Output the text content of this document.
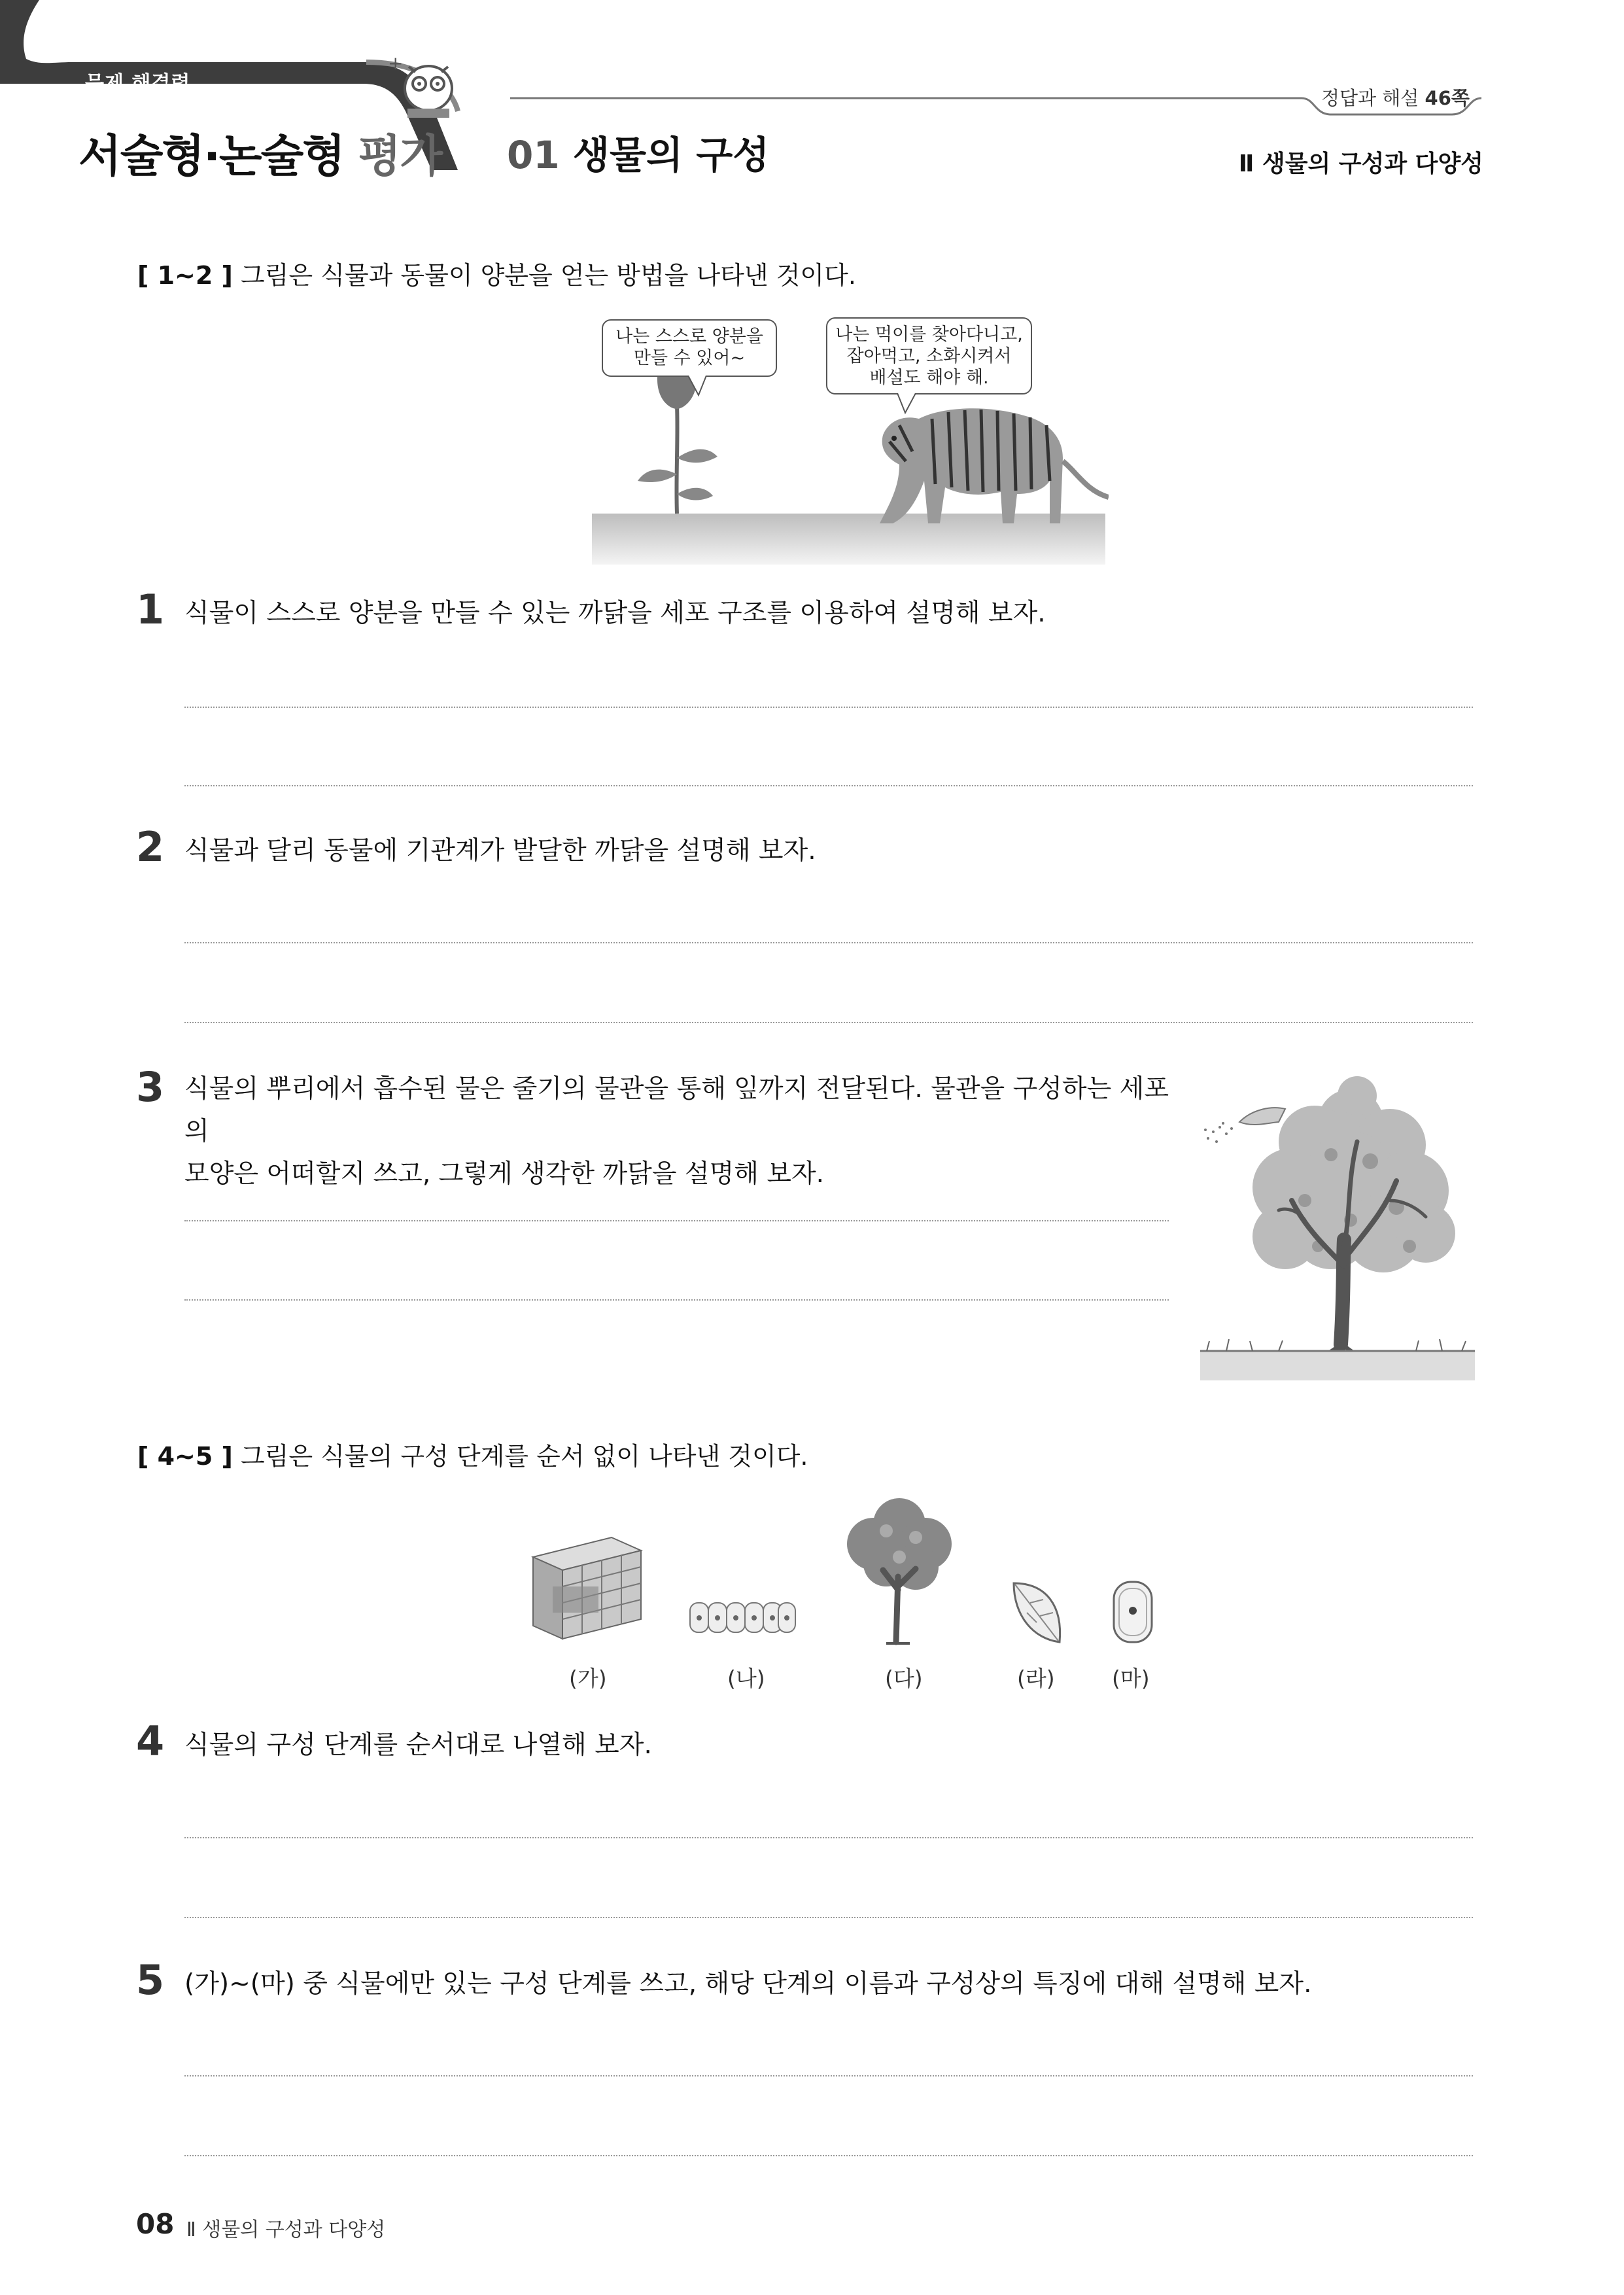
+
문제 해결력
서술형·논술형 평가 01 생물의 구성
정답과 해설 46쪽
Ⅱ 생물의 구성과 다양성
[ 1~2 ] 그림은 식물과 동물이 양분을 얻는 방법을 나타낸 것이다.
나는 스스로 양분을
만들 수 있어~
나는 먹이를 찾아다니고,
잡아먹고, 소화시켜서
배설도 해야 해.
1 식물이 스스로 양분을 만들 수 있는 까닭을 세포 구조를 이용하여 설명해 보자.
2 식물과 달리 동물에 기관계가 발달한 까닭을 설명해 보자.
3 식물의 뿌리에서 흡수된 물은 줄기의 물관을 통해 잎까지 전달된다. 물관을 구성하는 세포의
모양은 어떠할지 쓰고, 그렇게 생각한 까닭을 설명해 보자.
[ 4~5 ] 그림은 식물의 구성 단계를 순서 없이 나타낸 것이다.
(가)	(나)	(다)	(라)	(마)
4 식물의 구성 단계를 순서대로 나열해 보자.
5 (가)~(마) 중 식물에만 있는 구성 단계를 쓰고, 해당 단계의 이름과 구성상의 특징에 대해 설명해 보자.
08 Ⅱ 생물의 구성과 다양성
